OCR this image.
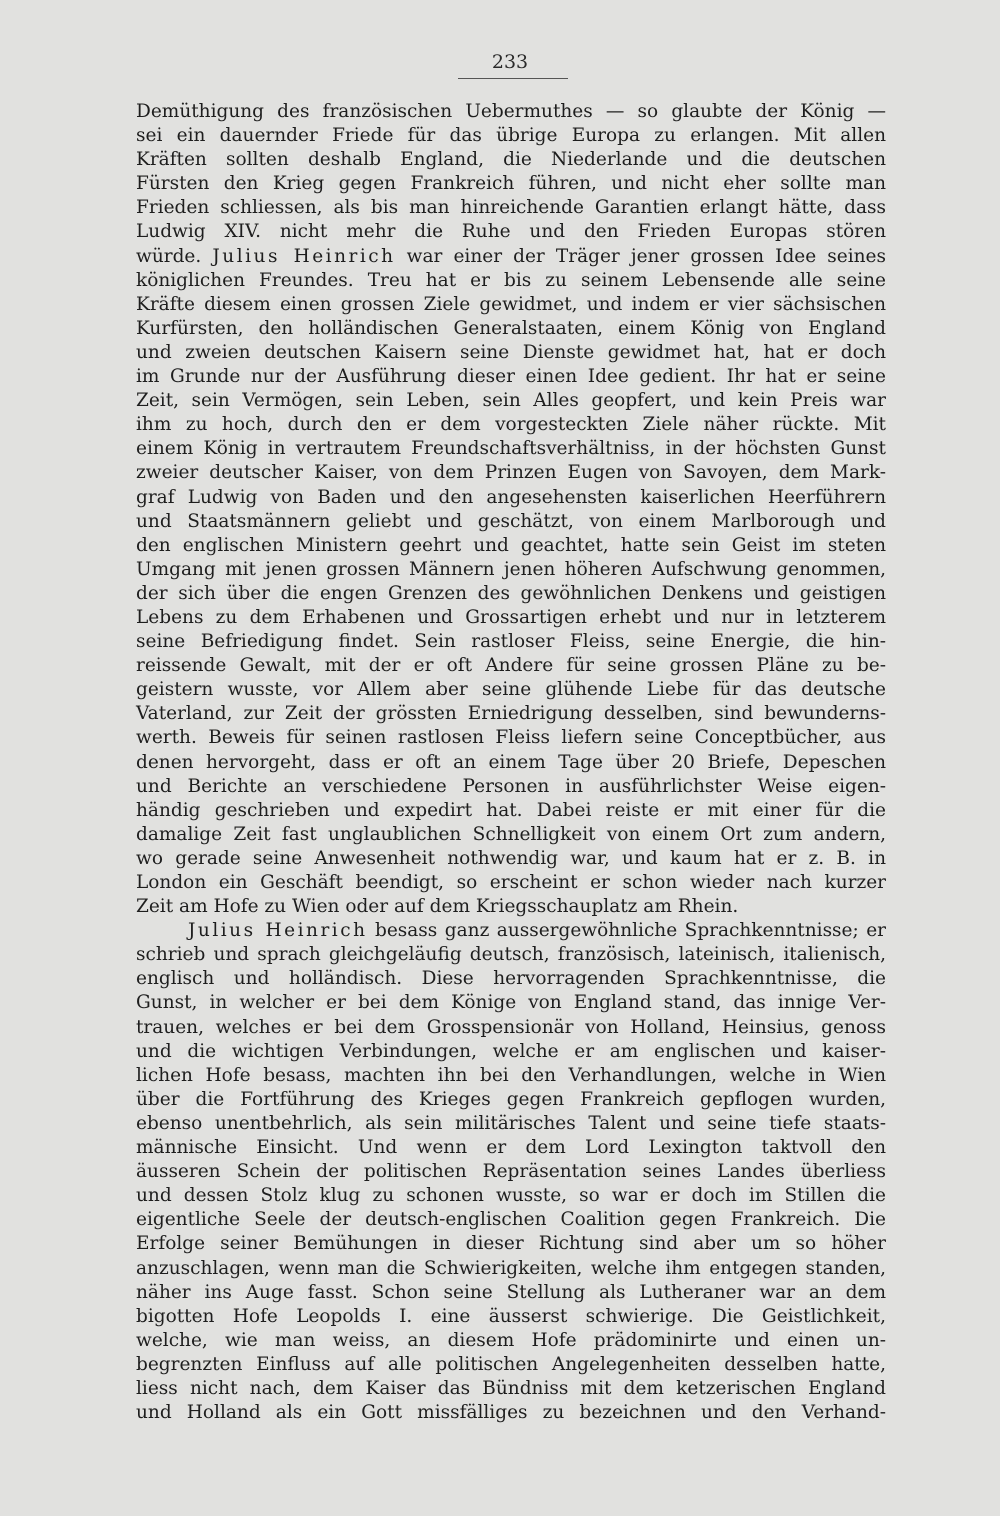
233
Demüthigung des französischen Uebermuthes — so glaubte der König —
sei ein dauernder Friede für das übrige Europa zu erlangen. Mit allen
Kräften sollten deshalb England, die Niederlande und die deutschen
Fürsten den Krieg gegen Frankreich führen, und nicht eher sollte man
Frieden schliessen, als bis man hinreichende Garantien erlangt hätte, dass
Ludwig XIV. nicht mehr die Ruhe und den Frieden Europas stören
würde. Julius Heinrich war einer der Träger jener grossen Idee seines
königlichen Freundes. Treu hat er bis zu seinem Lebensende alle seine
Kräfte diesem einen grossen Ziele gewidmet, und indem er vier sächsischen
Kurfürsten, den holländischen Generalstaaten, einem König von England
und zweien deutschen Kaisern seine Dienste gewidmet hat, hat er doch
im Grunde nur der Ausführung dieser einen Idee gedient. Ihr hat er seine
Zeit, sein Vermögen, sein Leben, sein Alles geopfert, und kein Preis war
ihm zu hoch, durch den er dem vorgesteckten Ziele näher rückte. Mit
einem König in vertrautem Freundschaftsverhältniss, in der höchsten Gunst
zweier deutscher Kaiser, von dem Prinzen Eugen von Savoyen, dem Mark-
graf Ludwig von Baden und den angesehensten kaiserlichen Heerführern
und Staatsmännern geliebt und geschätzt, von einem Marlborough und
den englischen Ministern geehrt und geachtet, hatte sein Geist im steten
Umgang mit jenen grossen Männern jenen höheren Aufschwung genommen,
der sich über die engen Grenzen des gewöhnlichen Denkens und geistigen
Lebens zu dem Erhabenen und Grossartigen erhebt und nur in letzterem
seine Befriedigung findet. Sein rastloser Fleiss, seine Energie, die hin-
reissende Gewalt, mit der er oft Andere für seine grossen Pläne zu be-
geistern wusste, vor Allem aber seine glühende Liebe für das deutsche
Vaterland, zur Zeit der grössten Erniedrigung desselben, sind bewunderns-
werth. Beweis für seinen rastlosen Fleiss liefern seine Conceptbücher, aus
denen hervorgeht, dass er oft an einem Tage über 20 Briefe, Depeschen
und Berichte an verschiedene Personen in ausführlichster Weise eigen-
händig geschrieben und expedirt hat. Dabei reiste er mit einer für die
damalige Zeit fast unglaublichen Schnelligkeit von einem Ort zum andern,
wo gerade seine Anwesenheit nothwendig war, und kaum hat er z. B. in
London ein Geschäft beendigt, so erscheint er schon wieder nach kurzer
Zeit am Hofe zu Wien oder auf dem Kriegsschauplatz am Rhein.
Julius Heinrich besass ganz aussergewöhnliche Sprachkenntnisse; er
schrieb und sprach gleichgeläufig deutsch, französisch, lateinisch, italienisch,
englisch und holländisch. Diese hervorragenden Sprachkenntnisse, die
Gunst, in welcher er bei dem Könige von England stand, das innige Ver-
trauen, welches er bei dem Grosspensionär von Holland, Heinsius, genoss
und die wichtigen Verbindungen, welche er am englischen und kaiser-
lichen Hofe besass, machten ihn bei den Verhandlungen, welche in Wien
über die Fortführung des Krieges gegen Frankreich gepflogen wurden,
ebenso unentbehrlich, als sein militärisches Talent und seine tiefe staats-
männische Einsicht. Und wenn er dem Lord Lexington taktvoll den
äusseren Schein der politischen Repräsentation seines Landes überliess
und dessen Stolz klug zu schonen wusste, so war er doch im Stillen die
eigentliche Seele der deutsch-englischen Coalition gegen Frankreich. Die
Erfolge seiner Bemühungen in dieser Richtung sind aber um so höher
anzuschlagen, wenn man die Schwierigkeiten, welche ihm entgegen standen,
näher ins Auge fasst. Schon seine Stellung als Lutheraner war an dem
bigotten Hofe Leopolds I. eine äusserst schwierige. Die Geistlichkeit,
welche, wie man weiss, an diesem Hofe prädominirte und einen un-
begrenzten Einfluss auf alle politischen Angelegenheiten desselben hatte,
liess nicht nach, dem Kaiser das Bündniss mit dem ketzerischen England
und Holland als ein Gott missfälliges zu bezeichnen und den Verhand-
